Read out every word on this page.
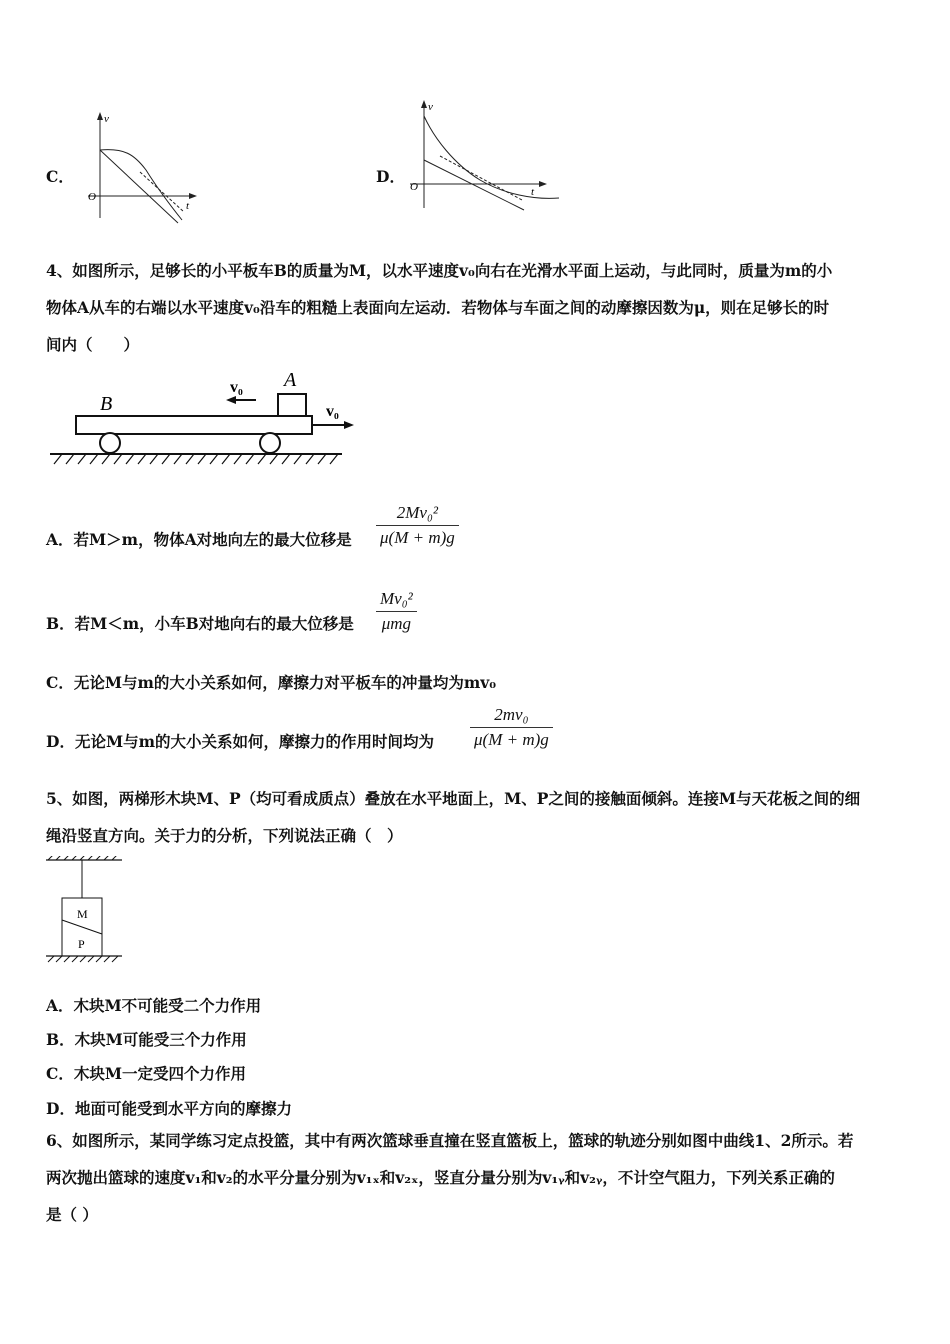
C．
v
t
O
D．
v
t
O
4、如图所示，足够长的小平板车B的质量为M，以水平速度v₀向右在光滑水平面上运动，与此同时，质量为m的小
物体A从车的右端以水平速度v₀沿车的粗糙上表面向左运动．若物体与车面之间的动摩擦因数为μ，则在足够长的时
间内（　　）
B
A
v₀
v₀
A．若M＞m，物体A对地向左的最大位移是 $\frac{\text{2Mv₀²}}{\mu(M + m)g}$
B．若M＜m，小车B对地向右的最大位移是
Mv₀²
μmg
C．无论M与m的大小关系如何，摩擦力对平板车的冲量均为mv₀
D．无论M与m的大小关系如何，摩擦力的作用时间均为 $\frac{\text{2mv₀}}{\mu(M + m)g}$
5、如图，两梯形木块M、P（均可看成质点）叠放在水平地面上，M、P之间的接触面倾斜。连接M与天花板之间的细
绳沿竖直方向。关于力的分析，下列说法正确（　）
M
P
A．木块M不可能受二个力作用
B．木块M可能受三个力作用
C．木块M一定受四个力作用
D．地面可能受到水平方向的摩擦力
6、如图所示，某同学练习定点投篮，其中有两次篮球垂直撞在竖直篮板上，篮球的轨迹分别如图中曲线1、2所示。若
两次抛出篮球的速度v₁和v₂的水平分量分别为v₁ₓ和v₂ₓ，竖直分量分别为v₁ᵧ和v₂ᵧ，不计空气阻力，下列关系正确的
是（ ）
